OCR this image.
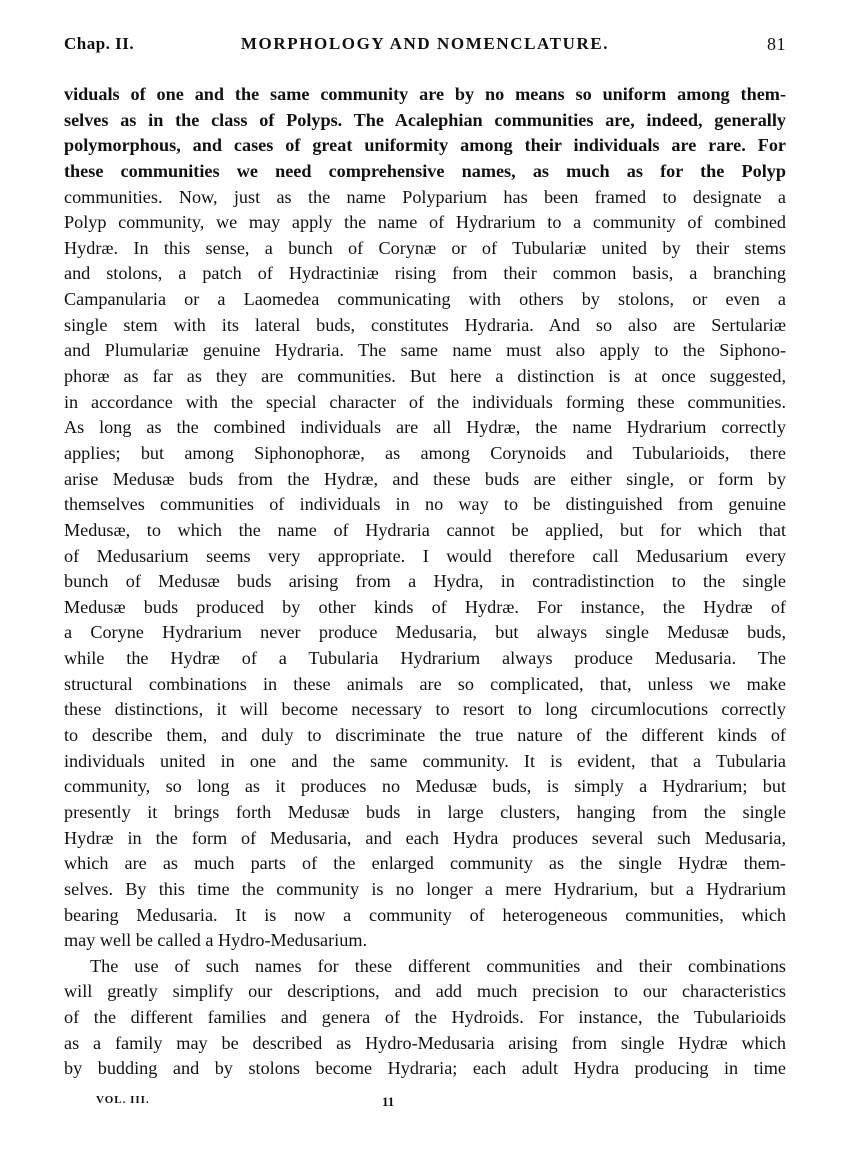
Chap. II.	MORPHOLOGY AND NOMENCLATURE.	81
viduals of one and the same community are by no means so uniform among them-
selves as in the class of Polyps. The Acalephian communities are, indeed, generally
polymorphous, and cases of great uniformity among their individuals are rare. For
these communities we need comprehensive names, as much as for the Polyp
communities. Now, just as the name Polyparium has been framed to designate a
Polyp community, we may apply the name of Hydrarium to a community of combined
Hydræ. In this sense, a bunch of Corynæ or of Tubulariæ united by their stems
and stolons, a patch of Hydractiniæ rising from their common basis, a branching
Campanularia or a Laomedea communicating with others by stolons, or even a
single stem with its lateral buds, constitutes Hydraria. And so also are Sertulariæ
and Plumulariæ genuine Hydraria. The same name must also apply to the Siphono-
phoræ as far as they are communities. But here a distinction is at once suggested,
in accordance with the special character of the individuals forming these communities.
As long as the combined individuals are all Hydræ, the name Hydrarium correctly
applies; but among Siphonophoræ, as among Corynoids and Tubularioids, there
arise Medusæ buds from the Hydræ, and these buds are either single, or form by
themselves communities of individuals in no way to be distinguished from genuine
Medusæ, to which the name of Hydraria cannot be applied, but for which that
of Medusarium seems very appropriate. I would therefore call Medusarium every
bunch of Medusæ buds arising from a Hydra, in contradistinction to the single
Medusæ buds produced by other kinds of Hydræ. For instance, the Hydræ of
a Coryne Hydrarium never produce Medusaria, but always single Medusæ buds,
while the Hydræ of a Tubularia Hydrarium always produce Medusaria. The
structural combinations in these animals are so complicated, that, unless we make
these distinctions, it will become necessary to resort to long circumlocutions correctly
to describe them, and duly to discriminate the true nature of the different kinds of
individuals united in one and the same community. It is evident, that a Tubularia
community, so long as it produces no Medusæ buds, is simply a Hydrarium; but
presently it brings forth Medusæ buds in large clusters, hanging from the single
Hydræ in the form of Medusaria, and each Hydra produces several such Medusaria,
which are as much parts of the enlarged community as the single Hydræ them-
selves. By this time the community is no longer a mere Hydrarium, but a Hydrarium
bearing Medusaria. It is now a community of heterogeneous communities, which
may well be called a Hydro-Medusarium.
The use of such names for these different communities and their combinations
will greatly simplify our descriptions, and add much precision to our characteristics
of the different families and genera of the Hydroids. For instance, the Tubularioids
as a family may be described as Hydro-Medusaria arising from single Hydræ which
by budding and by stolons become Hydraria; each adult Hydra producing in time
VOL. III.	11
